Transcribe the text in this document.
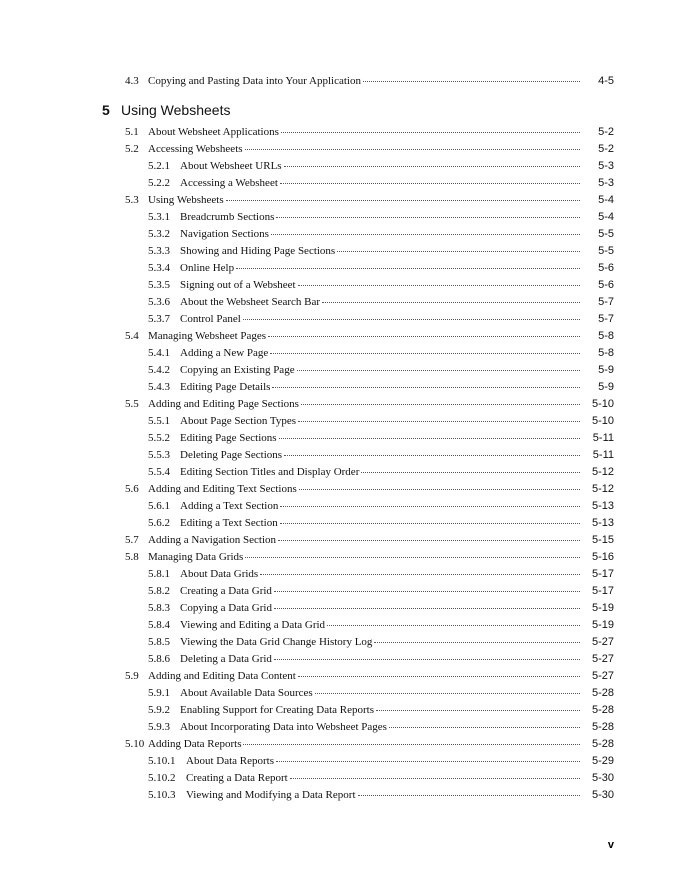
4.3 Copying and Pasting Data into Your Application	4-5
5 Using Websheets
5.1 About Websheet Applications	5-2
5.2 Accessing Websheets	5-2
5.2.1 About Websheet URLs	5-3
5.2.2 Accessing a Websheet	5-3
5.3 Using Websheets	5-4
5.3.1 Breadcrumb Sections	5-4
5.3.2 Navigation Sections	5-5
5.3.3 Showing and Hiding Page Sections	5-5
5.3.4 Online Help	5-6
5.3.5 Signing out of a Websheet	5-6
5.3.6 About the Websheet Search Bar	5-7
5.3.7 Control Panel	5-7
5.4 Managing Websheet Pages	5-8
5.4.1 Adding a New Page	5-8
5.4.2 Copying an Existing Page	5-9
5.4.3 Editing Page Details	5-9
5.5 Adding and Editing Page Sections	5-10
5.5.1 About Page Section Types	5-10
5.5.2 Editing Page Sections	5-11
5.5.3 Deleting Page Sections	5-11
5.5.4 Editing Section Titles and Display Order	5-12
5.6 Adding and Editing Text Sections	5-12
5.6.1 Adding a Text Section	5-13
5.6.2 Editing a Text Section	5-13
5.7 Adding a Navigation Section	5-15
5.8 Managing Data Grids	5-16
5.8.1 About Data Grids	5-17
5.8.2 Creating a Data Grid	5-17
5.8.3 Copying a Data Grid	5-19
5.8.4 Viewing and Editing a Data Grid	5-19
5.8.5 Viewing the Data Grid Change History Log	5-27
5.8.6 Deleting a Data Grid	5-27
5.9 Adding and Editing Data Content	5-27
5.9.1 About Available Data Sources	5-28
5.9.2 Enabling Support for Creating Data Reports	5-28
5.9.3 About Incorporating Data into Websheet Pages	5-28
5.10 Adding Data Reports	5-28
5.10.1 About Data Reports	5-29
5.10.2 Creating a Data Report	5-30
5.10.3 Viewing and Modifying a Data Report	5-30
v
